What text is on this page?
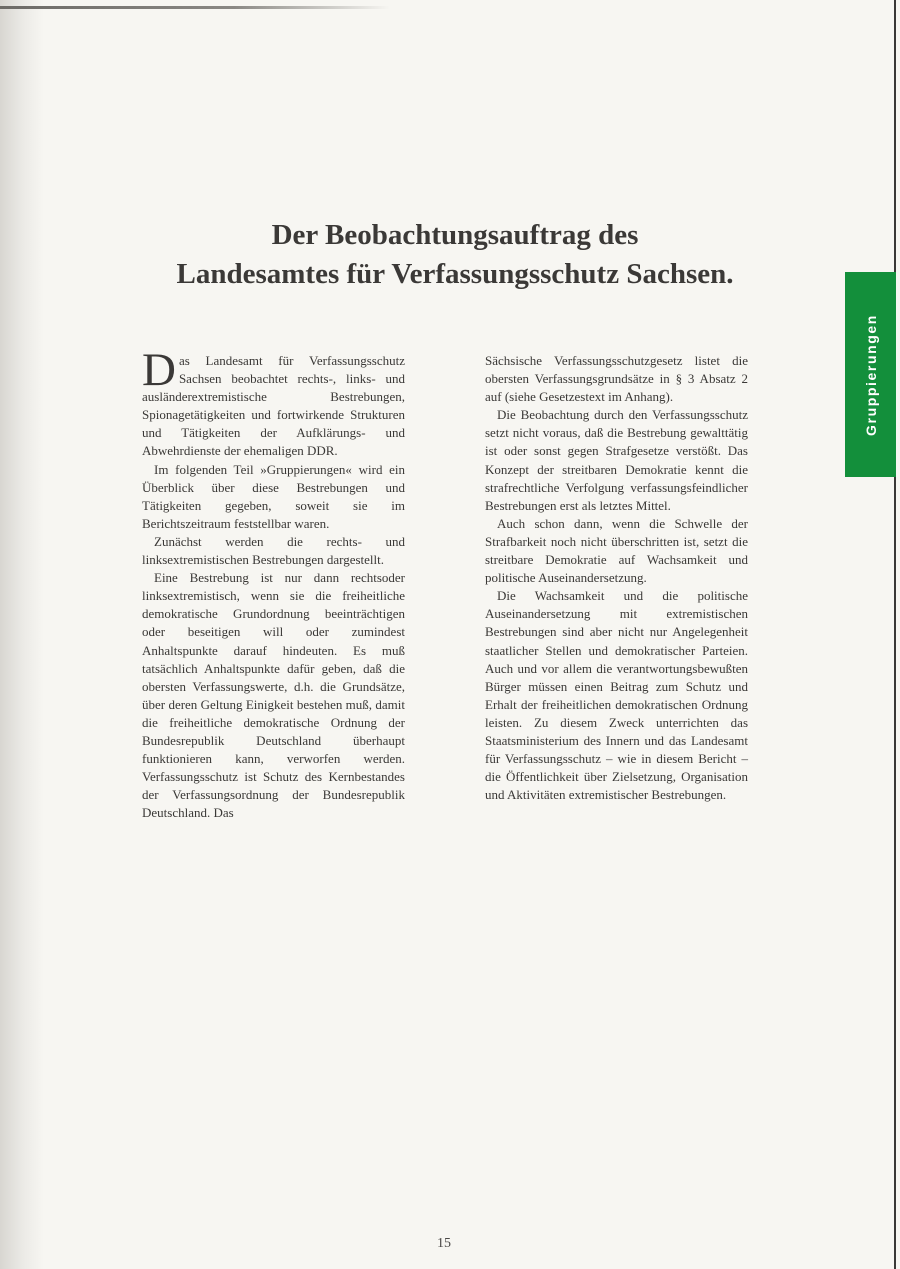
Der Beobachtungsauftrag des
Landesamtes für Verfassungsschutz Sachsen.
Gruppierungen

Das Landesamt für Verfassungsschutz Sachsen beobachtet rechts-, links- und ausländerextremistische Bestrebungen, Spionagetätigkeiten und fortwirkende Strukturen und Tätigkeiten der Aufklärungs- und Abwehrdienste der ehemaligen DDR.

Im folgenden Teil »Gruppierungen« wird ein Überblick über diese Bestrebungen und Tätigkeiten gegeben, soweit sie im Berichtszeitraum feststellbar waren.

Zunächst werden die rechts- und linksextremistischen Bestrebungen dargestellt.

Eine Bestrebung ist nur dann rechtsoder linksextremistisch, wenn sie die freiheitliche demokratische Grundordnung beeinträchtigen oder beseitigen will oder zumindest Anhaltspunkte darauf hindeuten. Es muß tatsächlich Anhaltspunkte dafür geben, daß die obersten Verfassungswerte, d.h. die Grundsätze, über deren Geltung Einigkeit bestehen muß, damit die freiheitliche demokratische Ordnung der Bundesrepublik Deutschland überhaupt funktionieren kann, verworfen werden. Verfassungsschutz ist Schutz des Kernbestandes der Verfassungsordnung der Bundesrepublik Deutschland. Das

Sächsische Verfassungsschutzgesetz listet die obersten Verfassungsgrundsätze in § 3 Absatz 2 auf (siehe Gesetzestext im Anhang).

Die Beobachtung durch den Verfassungsschutz setzt nicht voraus, daß die Bestrebung gewalttätig ist oder sonst gegen Strafgesetze verstößt. Das Konzept der streitbaren Demokratie kennt die strafrechtliche Verfolgung verfassungsfeindlicher Bestrebungen erst als letztes Mittel.

Auch schon dann, wenn die Schwelle der Strafbarkeit noch nicht überschritten ist, setzt die streitbare Demokratie auf Wachsamkeit und politische Auseinandersetzung.

Die Wachsamkeit und die politische Auseinandersetzung mit extremistischen Bestrebungen sind aber nicht nur Angelegenheit staatlicher Stellen und demokratischer Parteien. Auch und vor allem die verantwortungsbewußten Bürger müssen einen Beitrag zum Schutz und Erhalt der freiheitlichen demokratischen Ordnung leisten. Zu diesem Zweck unterrichten das Staatsministerium des Innern und das Landesamt für Verfassungsschutz – wie in diesem Bericht – die Öffentlichkeit über Zielsetzung, Organisation und Aktivitäten extremistischer Bestrebungen.

15
